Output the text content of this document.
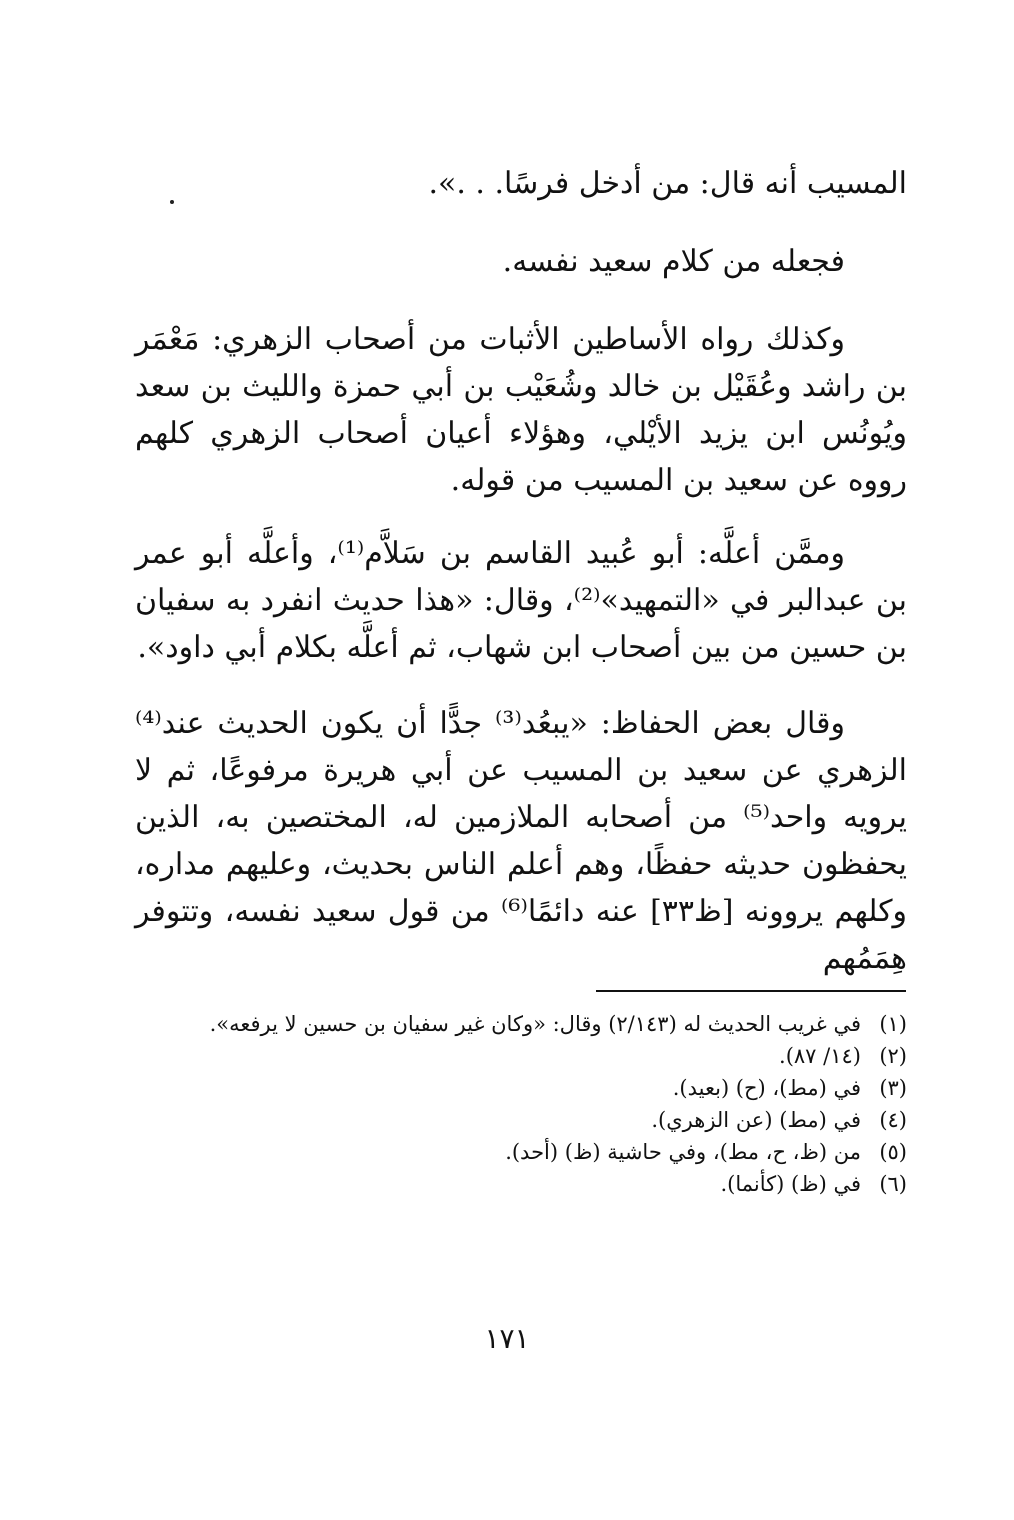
المسيب أنه قال: من أدخل فرسًا. . .».

فجعله من كلام سعيد نفسه.

وكذلك رواه الأساطين الأثبات من أصحاب الزهري: مَعْمَر بن راشد وعُقَيْل بن خالد وشُعَيْب بن أبي حمزة والليث بن سعد ويُونُس ابن يزيد الأيْلي، وهؤلاء أعيان أصحاب الزهري كلهم رووه عن سعيد بن المسيب من قوله.

وممَّن أعلَّه: أبو عُبيد القاسم بن سَلاَّم⁽¹⁾، وأعلَّه أبو عمر بن عبدالبر في «التمهيد»⁽²⁾، وقال: «هذا حديث انفرد به سفيان بن حسين من بين أصحاب ابن شهاب، ثم أعلَّه بكلام أبي داود».

وقال بعض الحفاظ: «يبعُد⁽³⁾ جدًّا أن يكون الحديث عند⁽⁴⁾ الزهري عن سعيد بن المسيب عن أبي هريرة مرفوعًا، ثم لا يرويه واحد⁽⁵⁾ من أصحابه الملازمين له، المختصين به، الذين يحفظون حديثه حفظًا، وهم أعلم الناس بحديث، وعليهم مداره، وكلهم يروونه [ظ٣٣] عنه دائمًا⁽⁶⁾ من قول سعيد نفسه، وتتوفر هِمَمُهم

(١)
في غريب الحديث له (٢/١٤٣) وقال: «وكان غير سفيان بن حسين لا يرفعه».
(٢)
(١٤/ ٨٧).
(٣)
في (مط)، (ح) (بعيد).
(٤)
في (مط) (عن الزهري).
(٥)
من (ظ، ح، مط)، وفي حاشية (ظ) (أحد).
(٦)
في (ظ) (كأنما).
١٧١
